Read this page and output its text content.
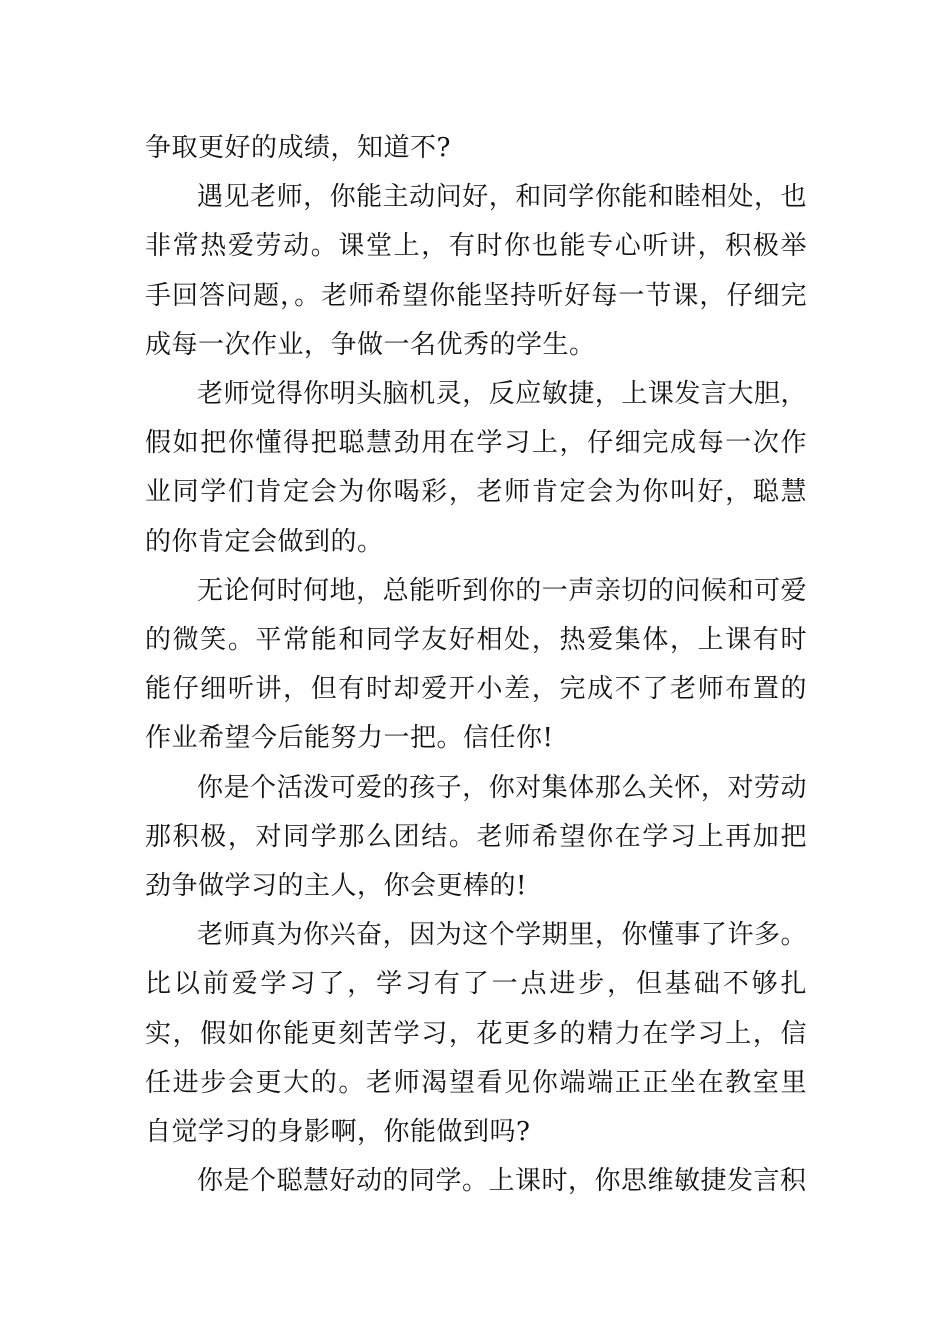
争取更好的成绩，知道不?

遇见老师，你能主动问好，和同学你能和睦相处，也非常热爱劳动。课堂上，有时你也能专心听讲，积极举手回答问题，。老师希望你能坚持听好每一节课，仔细完成每一次作业，争做一名优秀的学生。

老师觉得你明头脑机灵，反应敏捷，上课发言大胆，假如把你懂得把聪慧劲用在学习上，仔细完成每一次作业同学们肯定会为你喝彩，老师肯定会为你叫好，聪慧的你肯定会做到的。

无论何时何地，总能听到你的一声亲切的问候和可爱的微笑。平常能和同学友好相处，热爱集体，上课有时能仔细听讲，但有时却爱开小差，完成不了老师布置的作业希望今后能努力一把。信任你!

你是个活泼可爱的孩子，你对集体那么关怀，对劳动那积极，对同学那么团结。老师希望你在学习上再加把劲争做学习的主人，你会更棒的!

老师真为你兴奋，因为这个学期里，你懂事了许多。比以前爱学习了，学习有了一点进步，但基础不够扎实，假如你能更刻苦学习，花更多的精力在学习上，信任进步会更大的。老师渴望看见你端端正正坐在教室里自觉学习的身影啊，你能做到吗?

你是个聪慧好动的同学。上课时，你思维敏捷发言积
